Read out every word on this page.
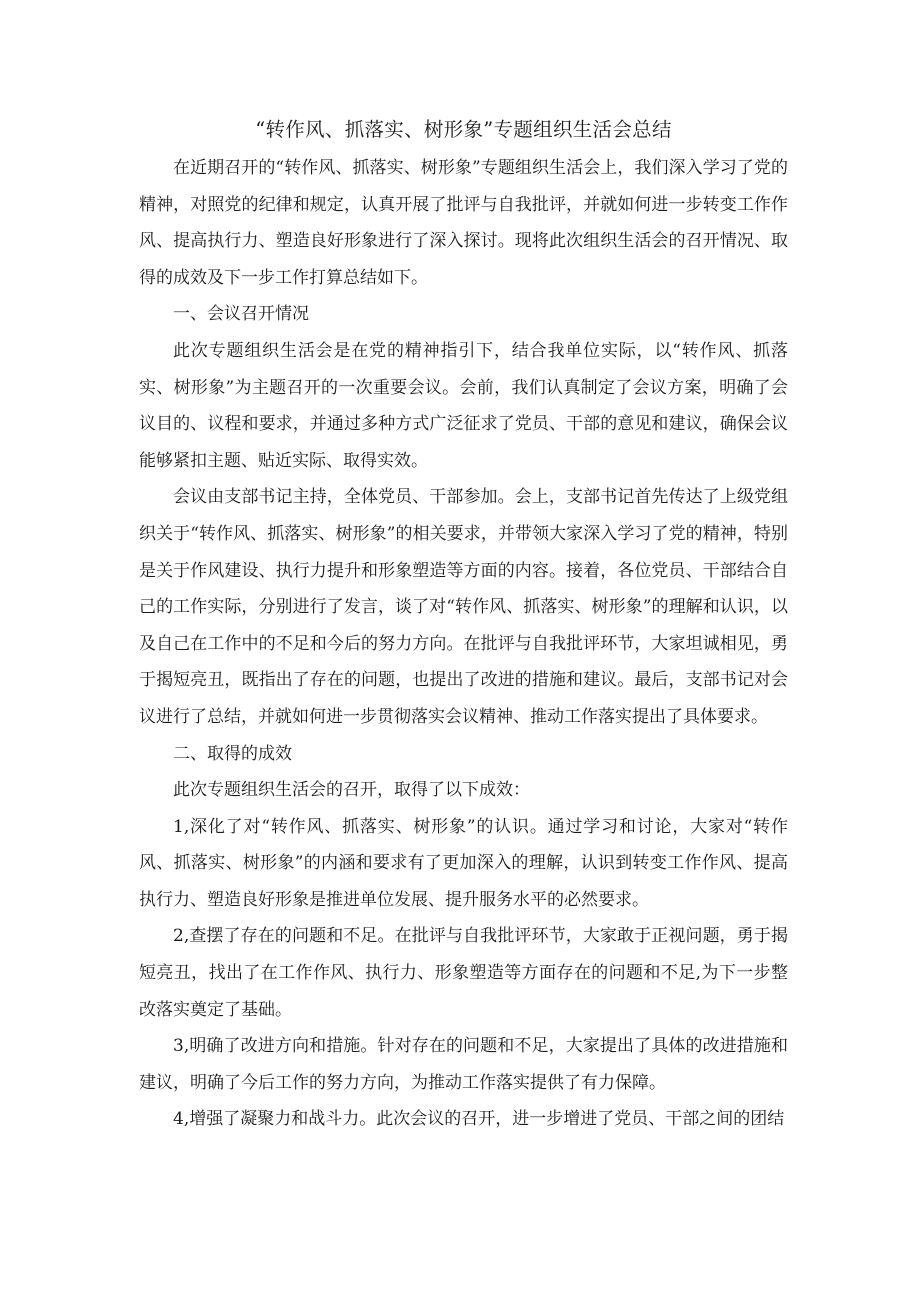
“转作风、抓落实、树形象”专题组织生活会总结

在近期召开的“转作风、抓落实、树形象”专题组织生活会上，我们深入学习了党的精神，对照党的纪律和规定，认真开展了批评与自我批评，并就如何进一步转变工作作风、提高执行力、塑造良好形象进行了深入探讨。现将此次组织生活会的召开情况、取得的成效及下一步工作打算总结如下。

一、会议召开情况

此次专题组织生活会是在党的精神指引下，结合我单位实际，以“转作风、抓落实、树形象”为主题召开的一次重要会议。会前，我们认真制定了会议方案，明确了会议目的、议程和要求，并通过多种方式广泛征求了党员、干部的意见和建议，确保会议能够紧扣主题、贴近实际、取得实效。

会议由支部书记主持，全体党员、干部参加。会上，支部书记首先传达了上级党组织关于“转作风、抓落实、树形象”的相关要求，并带领大家深入学习了党的精神，特别是关于作风建设、执行力提升和形象塑造等方面的内容。接着，各位党员、干部结合自己的工作实际，分别进行了发言，谈了对“转作风、抓落实、树形象”的理解和认识，以及自己在工作中的不足和今后的努力方向。在批评与自我批评环节，大家坦诚相见，勇于揭短亮丑，既指出了存在的问题，也提出了改进的措施和建议。最后，支部书记对会议进行了总结，并就如何进一步贯彻落实会议精神、推动工作落实提出了具体要求。

二、取得的成效

此次专题组织生活会的召开，取得了以下成效：

1,深化了对“转作风、抓落实、树形象”的认识。通过学习和讨论，大家对“转作风、抓落实、树形象”的内涵和要求有了更加深入的理解，认识到转变工作作风、提高执行力、塑造良好形象是推进单位发展、提升服务水平的必然要求。

2,查摆了存在的问题和不足。在批评与自我批评环节，大家敢于正视问题，勇于揭短亮丑，找出了在工作作风、执行力、形象塑造等方面存在的问题和不足,为下一步整改落实奠定了基础。

3,明确了改进方向和措施。针对存在的问题和不足，大家提出了具体的改进措施和建议，明确了今后工作的努力方向，为推动工作落实提供了有力保障。

4,增强了凝聚力和战斗力。此次会议的召开，进一步增进了党员、干部之间的团结
